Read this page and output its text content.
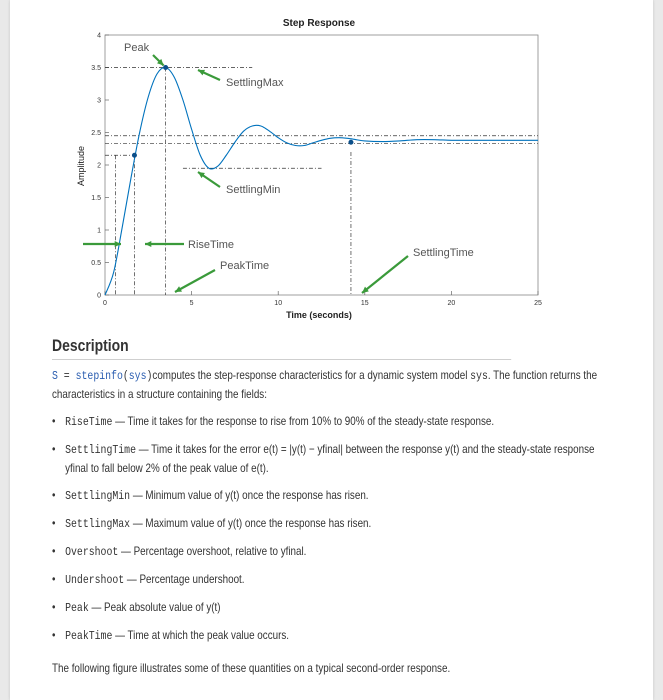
Step Response
0	5	10	15	20	25
0
0.5
1
1.5
2
2.5
3
3.5
4
Peak
SettlingMax
SettlingMin
RiseTime
PeakTime
SettlingTime
Time (seconds)
Amplitude
Description
S = stepinfo(sys)computes the step-response characteristics for a dynamic system model sys. The function returns the characteristics in a structure containing the fields:
• RiseTime — Time it takes for the response to rise from 10% to 90% of the steady-state response.
• SettlingTime — Time it takes for the error e(t) = |y(t) − yfinal| between the response y(t) and the steady-state response yfinal to fall below 2% of the peak value of e(t).
• SettlingMin — Minimum value of y(t) once the response has risen.
• SettlingMax — Maximum value of y(t) once the response has risen.
• Overshoot — Percentage overshoot, relative to yfinal.
• Undershoot — Percentage undershoot.
• Peak — Peak absolute value of y(t)
• PeakTime — Time at which the peak value occurs.
The following figure illustrates some of these quantities on a typical second-order response.
